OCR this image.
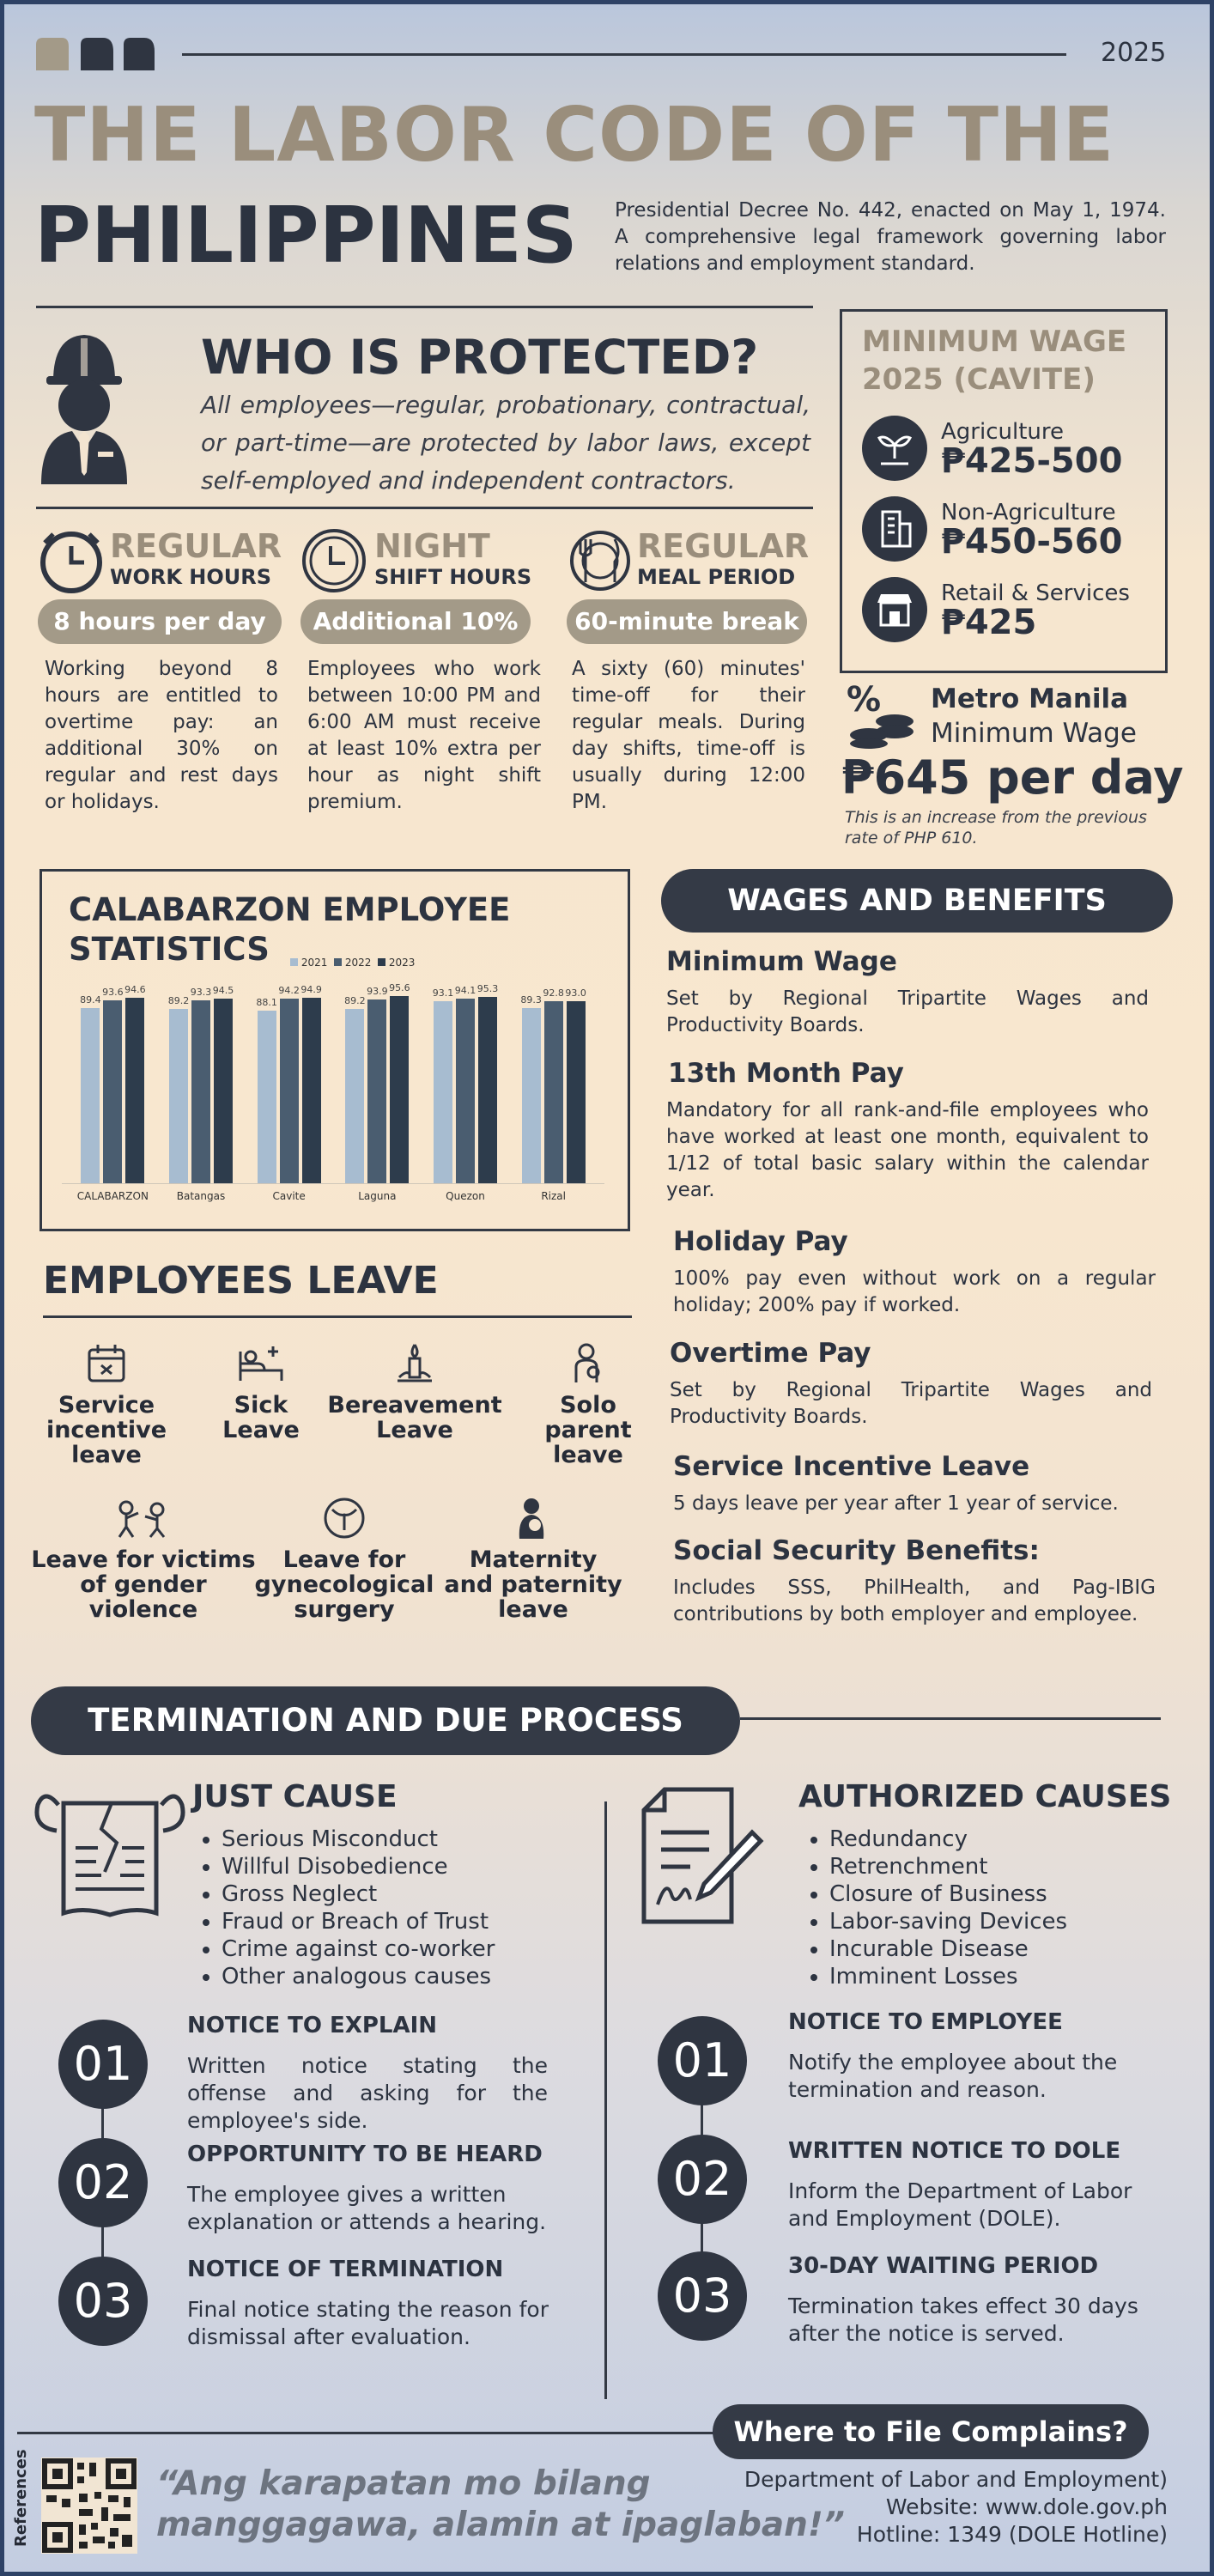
2025
THE LABOR CODE OF THE
PHILIPPINES Presidential Decree No. 442, enacted on May 1, 1974. A comprehensive legal framework governing labor relations and employment standard.
WHO IS PROTECTED?
All employees—regular, probationary, contractual, or part-time—are protected by labor laws, except self-employed and independent contractors.
MINIMUM WAGE
2025 (CAVITE)
Agriculture
₱425-500
Non-Agriculture
₱450-560
Retail & Services
₱425
% Metro Manila
Minimum Wage
₱645 per day
This is an increase from the previous rate of PHP 610.
REGULAR
WORK HOURS
8 hours per day
Working beyond 8 hours are entitled to overtime pay: an additional 30% on regular and rest days or holidays.
NIGHT
SHIFT HOURS
Additional 10%
Employees who work between 10:00 PM and 6:00 AM must receive at least 10% extra per hour as night shift premium.
REGULAR
MEAL PERIOD
60-minute break
A sixty (60) minutes' time-off for their regular meals. During day shifts, time-off is usually during 12:00 PM.
CALABARZON EMPLOYEE
STATISTICS	2021 2022 2023
89.4
93.6 94.6
89.2
93.3 94.5
88.1
94.2 94.9
89.2
93.9 95.6	93.1 94.1 95.3
89.3
92.8 93.0
CALABARZON	Batangas	Cavite	Laguna	Quezon	Rizal
WAGES AND BENEFITS
Minimum Wage
Set by Regional Tripartite Wages and Productivity Boards.
13th Month Pay
Mandatory for all rank-and-file employees who have worked at least one month, equivalent to 1/12 of total basic salary within the calendar year.
Holiday Pay
100% pay even without work on a regular holiday; 200% pay if worked.
Overtime Pay
Set by Regional Tripartite Wages and Productivity Boards.
Service Incentive Leave
5 days leave per year after 1 year of service.
Social Security Benefits:
Includes SSS, PhilHealth, and Pag-IBIG contributions by both employer and employee.
EMPLOYEES LEAVE
Service incentive leave
Sick Leave
Bereavement Leave
Solo parent leave
Leave for victims of gender violence
Leave for gynecological surgery
Maternity and paternity leave
TERMINATION AND DUE PROCESS
JUST CAUSE
• Serious Misconduct
• Willful Disobedience
• Gross Neglect
• Fraud or Breach of Trust
• Crime against co-worker
• Other analogous causes
AUTHORIZED CAUSES
• Redundancy
• Retrenchment
• Closure of Business
• Labor-saving Devices
• Incurable Disease
• Imminent Losses
01
NOTICE TO EXPLAIN
Written notice stating the offense and asking for the employee's side.
02
OPPORTUNITY TO BE HEARD
The employee gives a written explanation or attends a hearing.
03
NOTICE OF TERMINATION
Final notice stating the reason for dismissal after evaluation.
01
NOTICE TO EMPLOYEE
Notify the employee about the termination and reason.
02
WRITTEN NOTICE TO DOLE
Inform the Department of Labor and Employment (DOLE).
03
30-DAY WAITING PERIOD
Termination takes effect 30 days after the notice is served.
Where to File Complains?
References	“Ang karapatan mo bilang
manggagawa, alamin at ipaglaban!”
Department of Labor and Employment)
Website: www.dole.gov.ph
Hotline: 1349 (DOLE Hotline)
